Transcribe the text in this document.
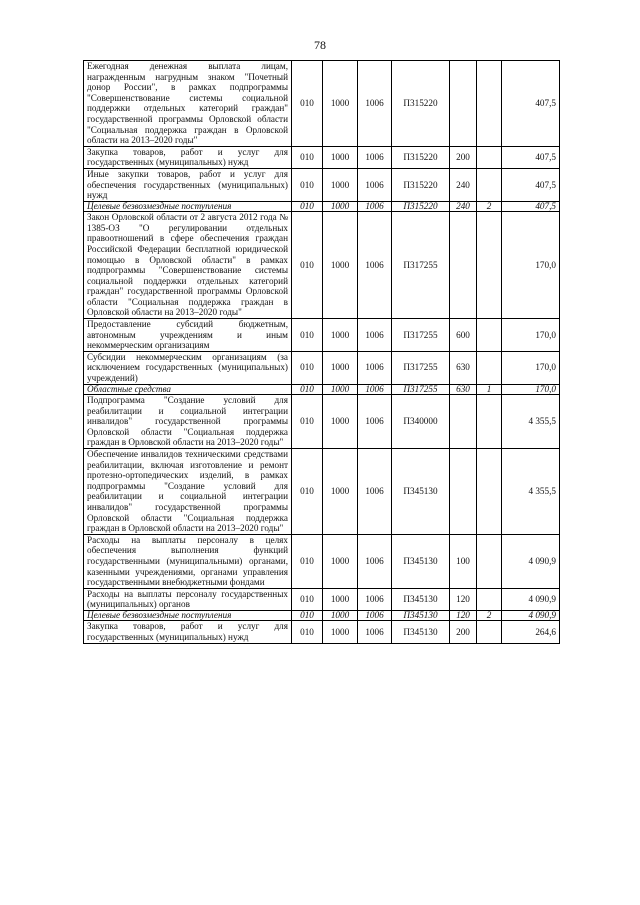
78
Ежегодная денежная выплата лицам, награжденным нагрудным знаком "Почетный донор России", в рамках подпрограммы "Совершенствование системы социальной поддержки отдельных категорий граждан" государственной программы Орловской области "Социальная поддержка граждан в Орловской области на 2013–2020 годы"	010	1000	1006	П315220			407,5
Закупка товаров, работ и услуг для государственных (муниципальных) нужд	010	1000	1006	П315220	200		407,5
Иные закупки товаров, работ и услуг для обеспечения государственных (муниципальных) нужд	010	1000	1006	П315220	240		407,5
Целевые безвозмездные поступления	010	1000	1006	П315220	240	2	407,5
Закон Орловской области от 2 августа 2012 года № 1385-ОЗ "О регулировании отдельных правоотношений в сфере обеспечения граждан Российской Федерации бесплатной юридической помощью в Орловской области" в рамках подпрограммы "Совершенствование системы социальной поддержки отдельных категорий граждан" государственной программы Орловской области "Социальная поддержка граждан в Орловской области на 2013–2020 годы"	010	1000	1006	П317255			170,0
Предоставление субсидий бюджетным, автономным учреждениям и иным некоммерческим организациям	010	1000	1006	П317255	600		170,0
Субсидии некоммерческим организациям (за исключением государственных (муниципальных) учреждений)	010	1000	1006	П317255	630		170,0
Областные средства	010	1000	1006	П317255	630	1	170,0
Подпрограмма "Создание условий для реабилитации и социальной интеграции инвалидов" государственной программы Орловской области "Социальная поддержка граждан в Орловской области на 2013–2020 годы"	010	1000	1006	П340000			4 355,5
Обеспечение инвалидов техническими средствами реабилитации, включая изготовление и ремонт протезно-ортопедических изделий, в рамках подпрограммы "Создание условий для реабилитации и социальной интеграции инвалидов" государственной программы Орловской области "Социальная поддержка граждан в Орловской области на 2013–2020 годы"	010	1000	1006	П345130			4 355,5
Расходы на выплаты персоналу в целях обеспечения выполнения функций государственными (муниципальными) органами, казенными учреждениями, органами управления государственными внебюджетными фондами	010	1000	1006	П345130	100		4 090,9
Расходы на выплаты персоналу государственных (муниципальных) органов	010	1000	1006	П345130	120		4 090,9
Целевые безвозмездные поступления	010	1000	1006	П345130	120	2	4 090,9
Закупка товаров, работ и услуг для государственных (муниципальных) нужд	010	1000	1006	П345130	200		264,6
